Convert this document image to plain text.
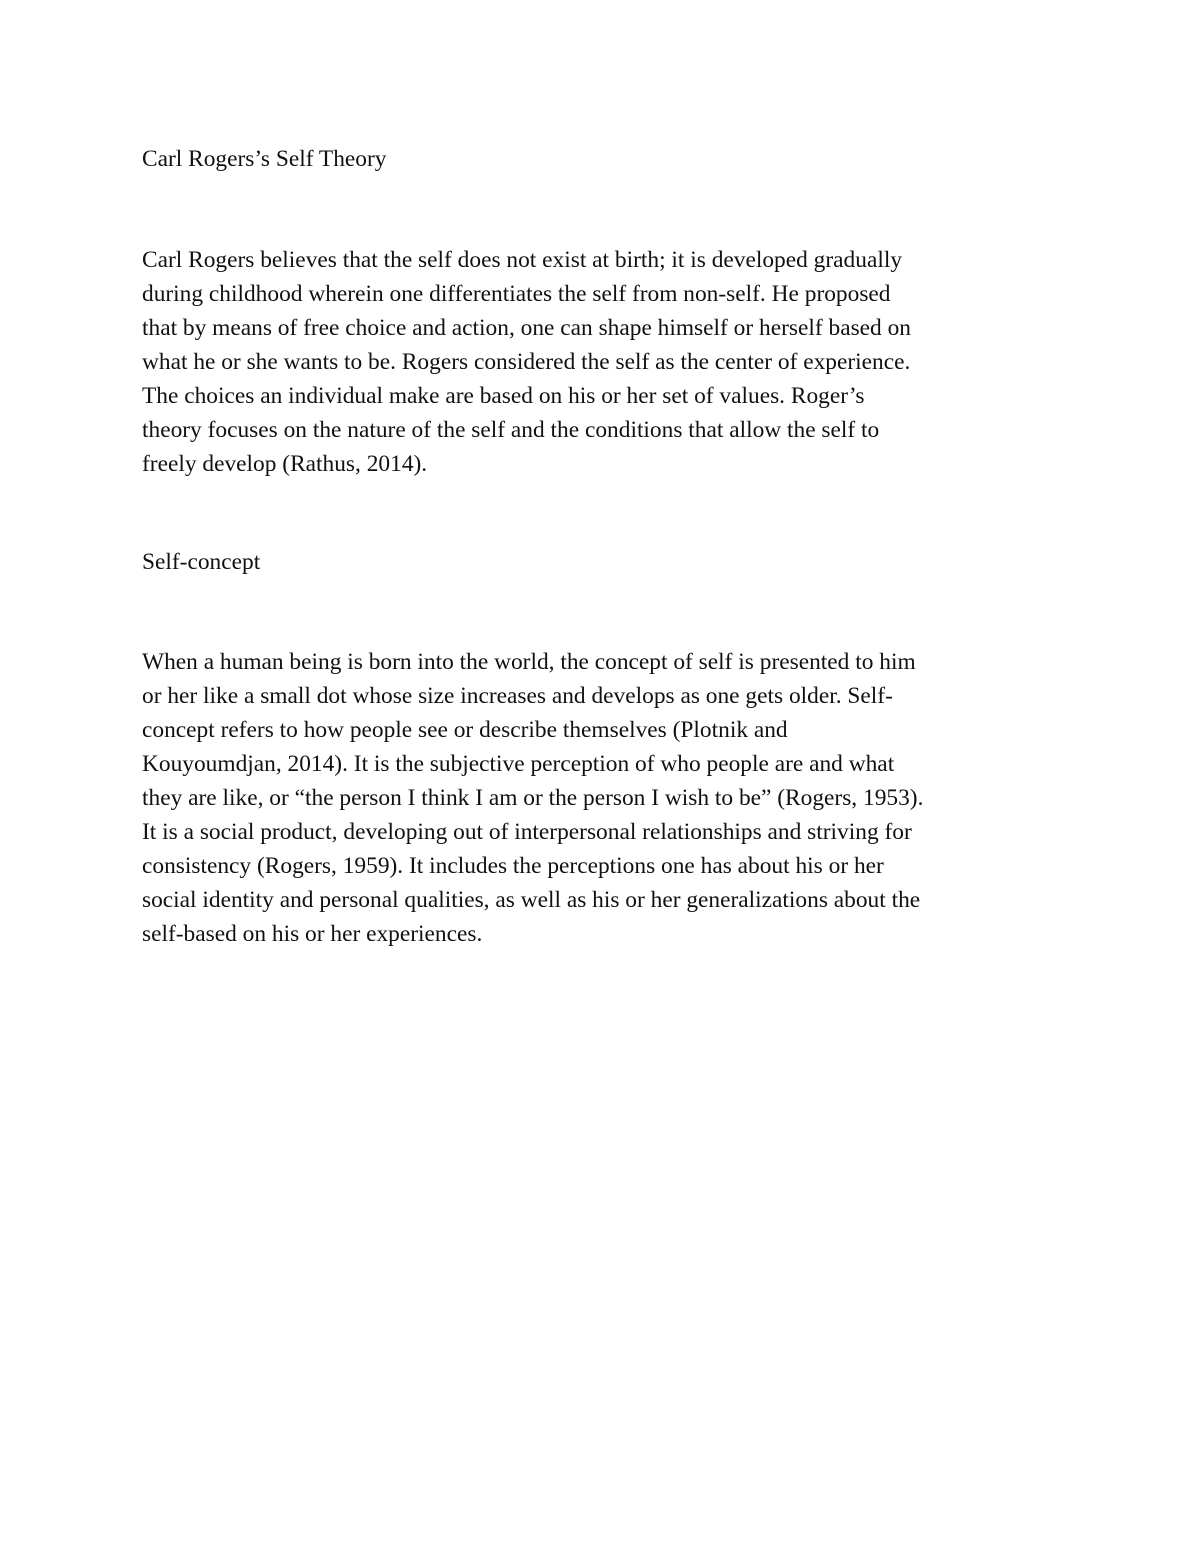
Carl Rogers’s Self Theory

Carl Rogers believes that the self does not exist at birth; it is developed gradually
during childhood wherein one differentiates the self from non-self. He proposed
that by means of free choice and action, one can shape himself or herself based on
what he or she wants to be. Rogers considered the self as the center of experience.
The choices an individual make are based on his or her set of values. Roger’s
theory focuses on the nature of the self and the conditions that allow the self to
freely develop (Rathus, 2014).

Self-concept

When a human being is born into the world, the concept of self is presented to him
or her like a small dot whose size increases and develops as one gets older. Self-
concept refers to how people see or describe themselves (Plotnik and
Kouyoumdjan, 2014). It is the subjective perception of who people are and what
they are like, or “the person I think I am or the person I wish to be” (Rogers, 1953).
It is a social product, developing out of interpersonal relationships and striving for
consistency (Rogers, 1959). It includes the perceptions one has about his or her
social identity and personal qualities, as well as his or her generalizations about the
self-based on his or her experiences.
